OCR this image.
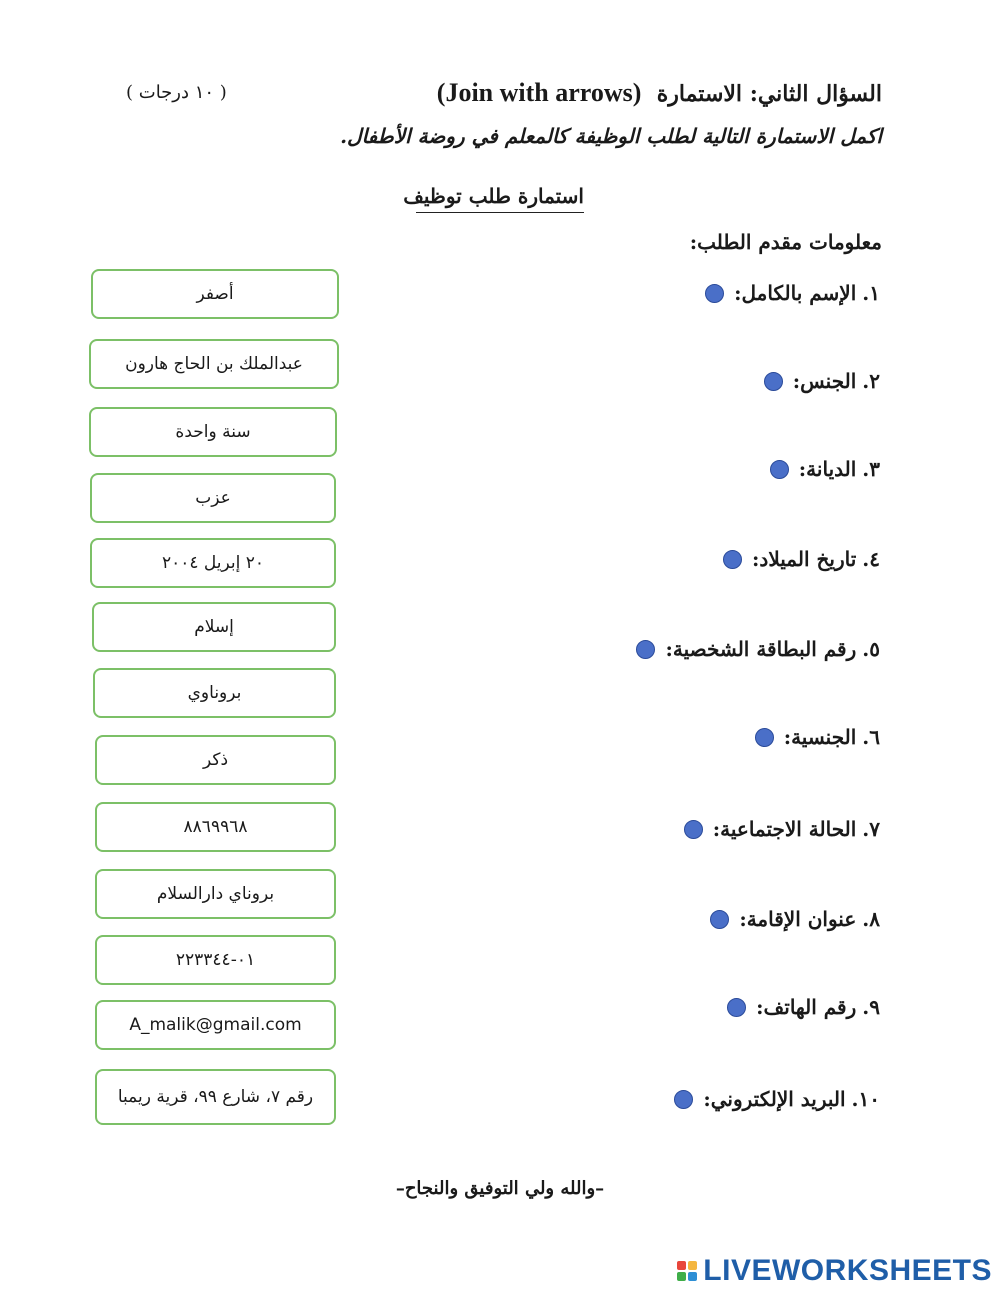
السؤال الثاني: الاستمارة  (Join with arrows)
( ١٠ درجات )
اكمل الاستمارة التالية لطلب الوظيفة كالمعلم في روضة الأطفال.
استمارة طلب توظيف
معلومات مقدم الطلب:
١.
الإسم بالكامل:
٢.
الجنس:
٣.
الديانة:
٤.
تاريخ الميلاد:
٥.
رقم البطاقة الشخصية:
٦.
الجنسية:
٧.
الحالة الاجتماعية:
٨.
عنوان الإقامة:
٩.
رقم الهاتف:
١٠.
البريد الإلكتروني:
أصفر
عبدالملك بن الحاج هارون
سنة واحدة
عزب
٢٠ إبريل ٢٠٠٤
إسلام
بروناوي
ذكر
٨٨٦٩٩٦٨
بروناي دارالسلام
٠١-٢٢٣٣٤٤
A_malik@gmail.com
رقم ٧، شارع ٩٩، قرية ريمبا
–والله ولي التوفيق والنجاح–
LIVEWORKSHEETS
